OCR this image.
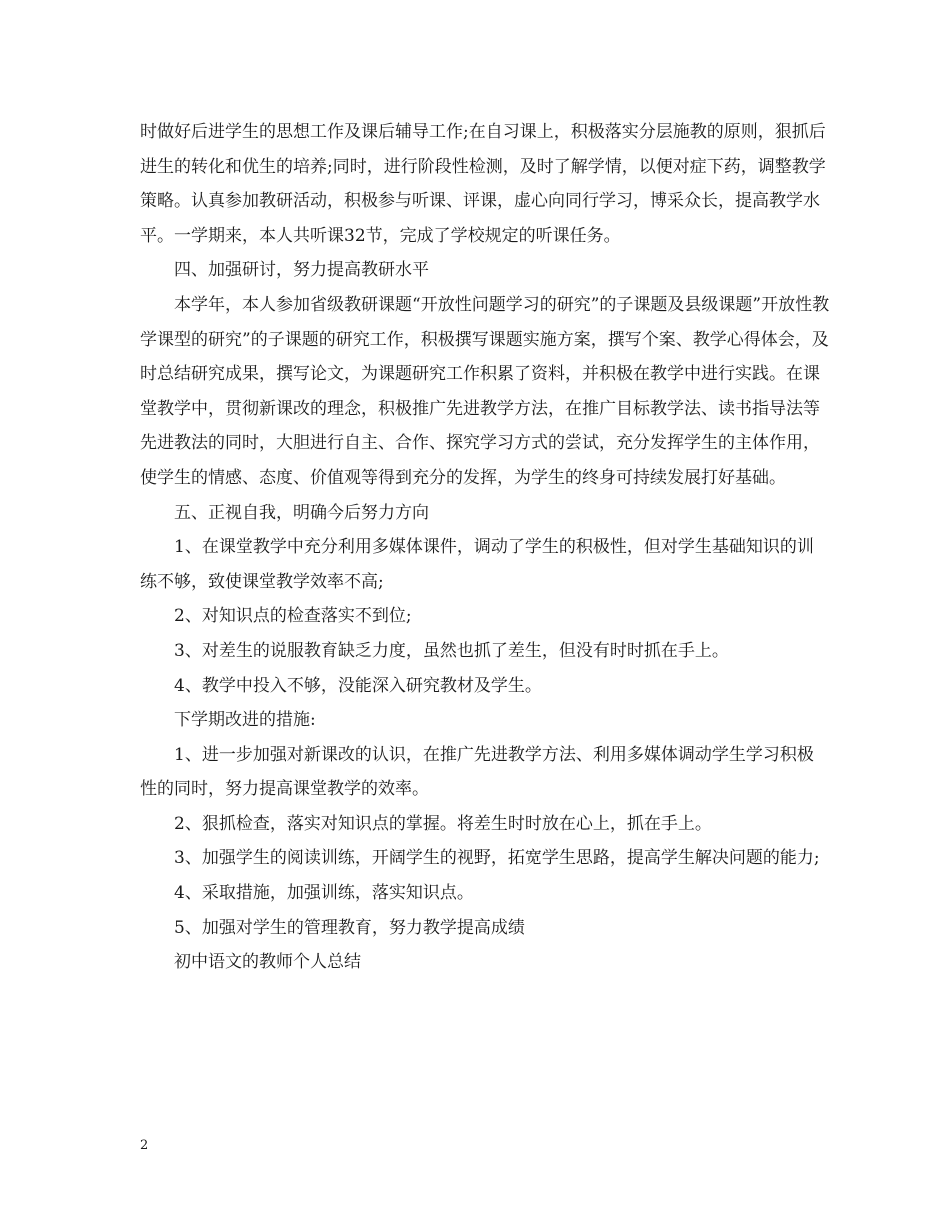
时做好后进学生的思想工作及课后辅导工作;在自习课上，积极落实分层施教的原则，狠抓后进生的转化和优生的培养;同时，进行阶段性检测，及时了解学情，以便对症下药，调整教学策略。认真参加教研活动，积极参与听课、评课，虚心向同行学习，博采众长，提高教学水平。一学期来，本人共听课32节，完成了学校规定的听课任务。

四、加强研讨，努力提高教研水平

本学年，本人参加省级教研课题“开放性问题学习的研究”的子课题及县级课题”开放性教学课型的研究”的子课题的研究工作，积极撰写课题实施方案，撰写个案、教学心得体会，及时总结研究成果，撰写论文，为课题研究工作积累了资料，并积极在教学中进行实践。在课堂教学中，贯彻新课改的理念，积极推广先进教学方法，在推广目标教学法、读书指导法等先进教法的同时，大胆进行自主、合作、探究学习方式的尝试，充分发挥学生的主体作用，使学生的情感、态度、价值观等得到充分的发挥，为学生的终身可持续发展打好基础。

五、正视自我，明确今后努力方向

1、在课堂教学中充分利用多媒体课件，调动了学生的积极性，但对学生基础知识的训练不够，致使课堂教学效率不高;

2、对知识点的检查落实不到位;

3、对差生的说服教育缺乏力度，虽然也抓了差生，但没有时时抓在手上。

4、教学中投入不够，没能深入研究教材及学生。

下学期改进的措施:

1、进一步加强对新课改的认识，在推广先进教学方法、利用多媒体调动学生学习积极性的同时，努力提高课堂教学的效率。

2、狠抓检查，落实对知识点的掌握。将差生时时放在心上，抓在手上。

3、加强学生的阅读训练，开阔学生的视野，拓宽学生思路，提高学生解决问题的能力;

4、采取措施，加强训练，落实知识点。

5、加强对学生的管理教育，努力教学提高成绩

初中语文的教师个人总结

2
